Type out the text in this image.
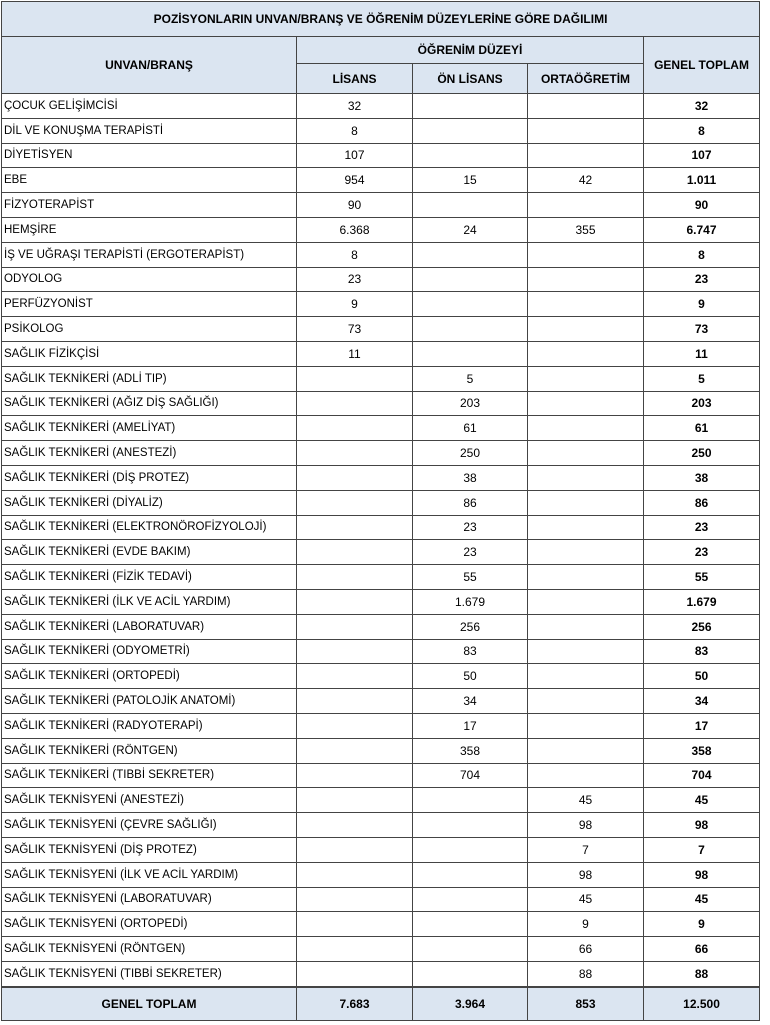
POZİSYONLARIN UNVAN/BRANŞ VE ÖĞRENİM DÜZEYLERİNE GÖRE DAĞILIMI				
UNVAN/BRANŞ	ÖĞRENİM DÜZEYİ			GENEL TOPLAM
	LİSANS	ÖN LİSANS	ORTAÖĞRETİM	
ÇOCUK GELİŞİMCİSİ	32			32
DİL VE KONUŞMA TERAPİSTİ	8			8
DİYETİSYEN	107			107
EBE	954	15	42	1.011
FİZYOTERAPİST	90			90
HEMŞİRE	6.368	24	355	6.747
İŞ VE UĞRAŞI TERAPİSTİ (ERGOTERAPİST)	8			8
ODYOLOG	23			23
PERFÜZYONİST	9			9
PSİKOLOG	73			73
SAĞLIK FİZİKÇİSİ	11			11
SAĞLIK TEKNİKERİ (ADLİ TIP)		5		5
SAĞLIK TEKNİKERİ (AĞIZ DİŞ SAĞLIĞI)		203		203
SAĞLIK TEKNİKERİ (AMELİYAT)		61		61
SAĞLIK TEKNİKERİ (ANESTEZİ)		250		250
SAĞLIK TEKNİKERİ (DİŞ PROTEZ)		38		38
SAĞLIK TEKNİKERİ (DİYALİZ)		86		86
SAĞLIK TEKNİKERİ (ELEKTRONÖROFİZYOLOJİ)		23		23
SAĞLIK TEKNİKERİ (EVDE BAKIM)		23		23
SAĞLIK TEKNİKERİ (FİZİK TEDAVİ)		55		55
SAĞLIK TEKNİKERİ (İLK VE ACİL YARDIM)		1.679		1.679
SAĞLIK TEKNİKERİ (LABORATUVAR)		256		256
SAĞLIK TEKNİKERİ (ODYOMETRİ)		83		83
SAĞLIK TEKNİKERİ (ORTOPEDİ)		50		50
SAĞLIK TEKNİKERİ (PATOLOJİK ANATOMİ)		34		34
SAĞLIK TEKNİKERİ (RADYOTERAPİ)		17		17
SAĞLIK TEKNİKERİ (RÖNTGEN)		358		358
SAĞLIK TEKNİKERİ (TIBBİ SEKRETER)		704		704
SAĞLIK TEKNİSYENİ (ANESTEZİ)			45	45
SAĞLIK TEKNİSYENİ (ÇEVRE SAĞLIĞI)			98	98
SAĞLIK TEKNİSYENİ (DİŞ PROTEZ)			7	7
SAĞLIK TEKNİSYENİ (İLK VE ACİL YARDIM)			98	98
SAĞLIK TEKNİSYENİ (LABORATUVAR)			45	45
SAĞLIK TEKNİSYENİ (ORTOPEDİ)			9	9
SAĞLIK TEKNİSYENİ (RÖNTGEN)			66	66
SAĞLIK TEKNİSYENİ (TIBBİ SEKRETER)			88	88
GENEL TOPLAM	7.683	3.964	853	12.500
